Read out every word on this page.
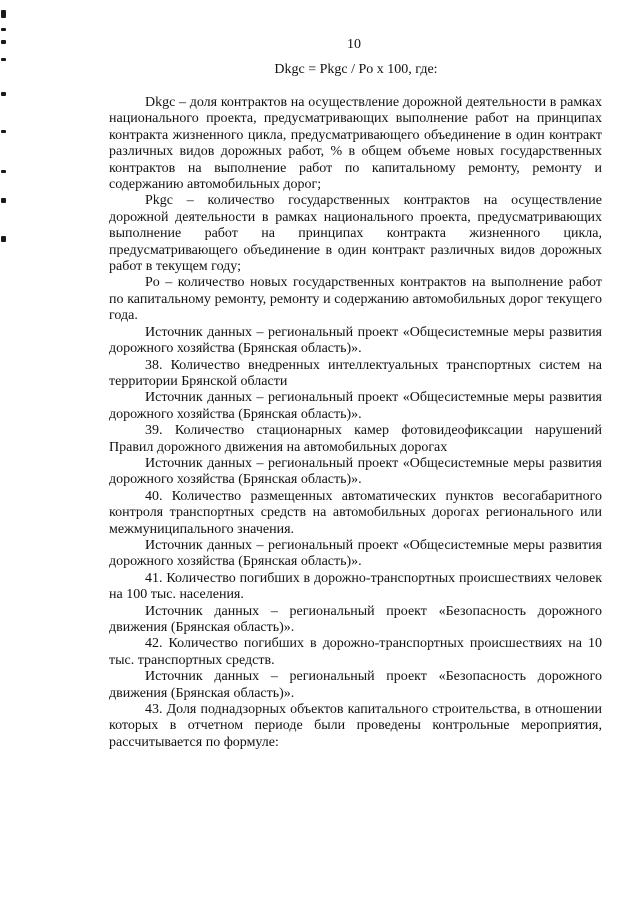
10
Dkgc = Pkgc / Po x 100, где:

Dkgc – доля контрактов на осуществление дорожной деятельности в рамках национального проекта, предусматривающих выполнение работ на принципах контракта жизненного цикла, предусматривающего объединение в один контракт различных видов дорожных работ, % в общем объеме новых государственных контрактов на выполнение работ по капитальному ремонту, ремонту и содержанию автомобильных дорог;

Pkgc – количество государственных контрактов на осуществление дорожной деятельности в рамках национального проекта, предусматривающих выполнение работ на принципах контракта жизненного цикла, предусматривающего объединение в один контракт различных видов дорожных работ в текущем году;

Po – количество новых государственных контрактов на выполнение работ по капитальному ремонту, ремонту и содержанию автомобильных дорог текущего года.

Источник данных – региональный проект «Общесистемные меры развития дорожного хозяйства (Брянская область)».

38. Количество внедренных интеллектуальных транспортных систем на территории Брянской области

Источник данных – региональный проект «Общесистемные меры развития дорожного хозяйства (Брянская область)».

39. Количество стационарных камер фотовидеофиксации нарушений Правил дорожного движения на автомобильных дорогах

Источник данных – региональный проект «Общесистемные меры развития дорожного хозяйства (Брянская область)».

40. Количество размещенных автоматических пунктов весогабаритного контроля транспортных средств на автомобильных дорогах регионального или межмуниципального значения.

Источник данных – региональный проект «Общесистемные меры развития дорожного хозяйства (Брянская область)».

41. Количество погибших в дорожно-транспортных происшествиях человек на 100 тыс. населения.

Источник данных – региональный проект «Безопасность дорожного движения (Брянская область)».

42. Количество погибших в дорожно-транспортных происшествиях на 10 тыс. транспортных средств.

Источник данных – региональный проект «Безопасность дорожного движения (Брянская область)».

43. Доля поднадзорных объектов капитального строительства, в отношении которых в отчетном периоде были проведены контрольные мероприятия, рассчитывается по формуле:
